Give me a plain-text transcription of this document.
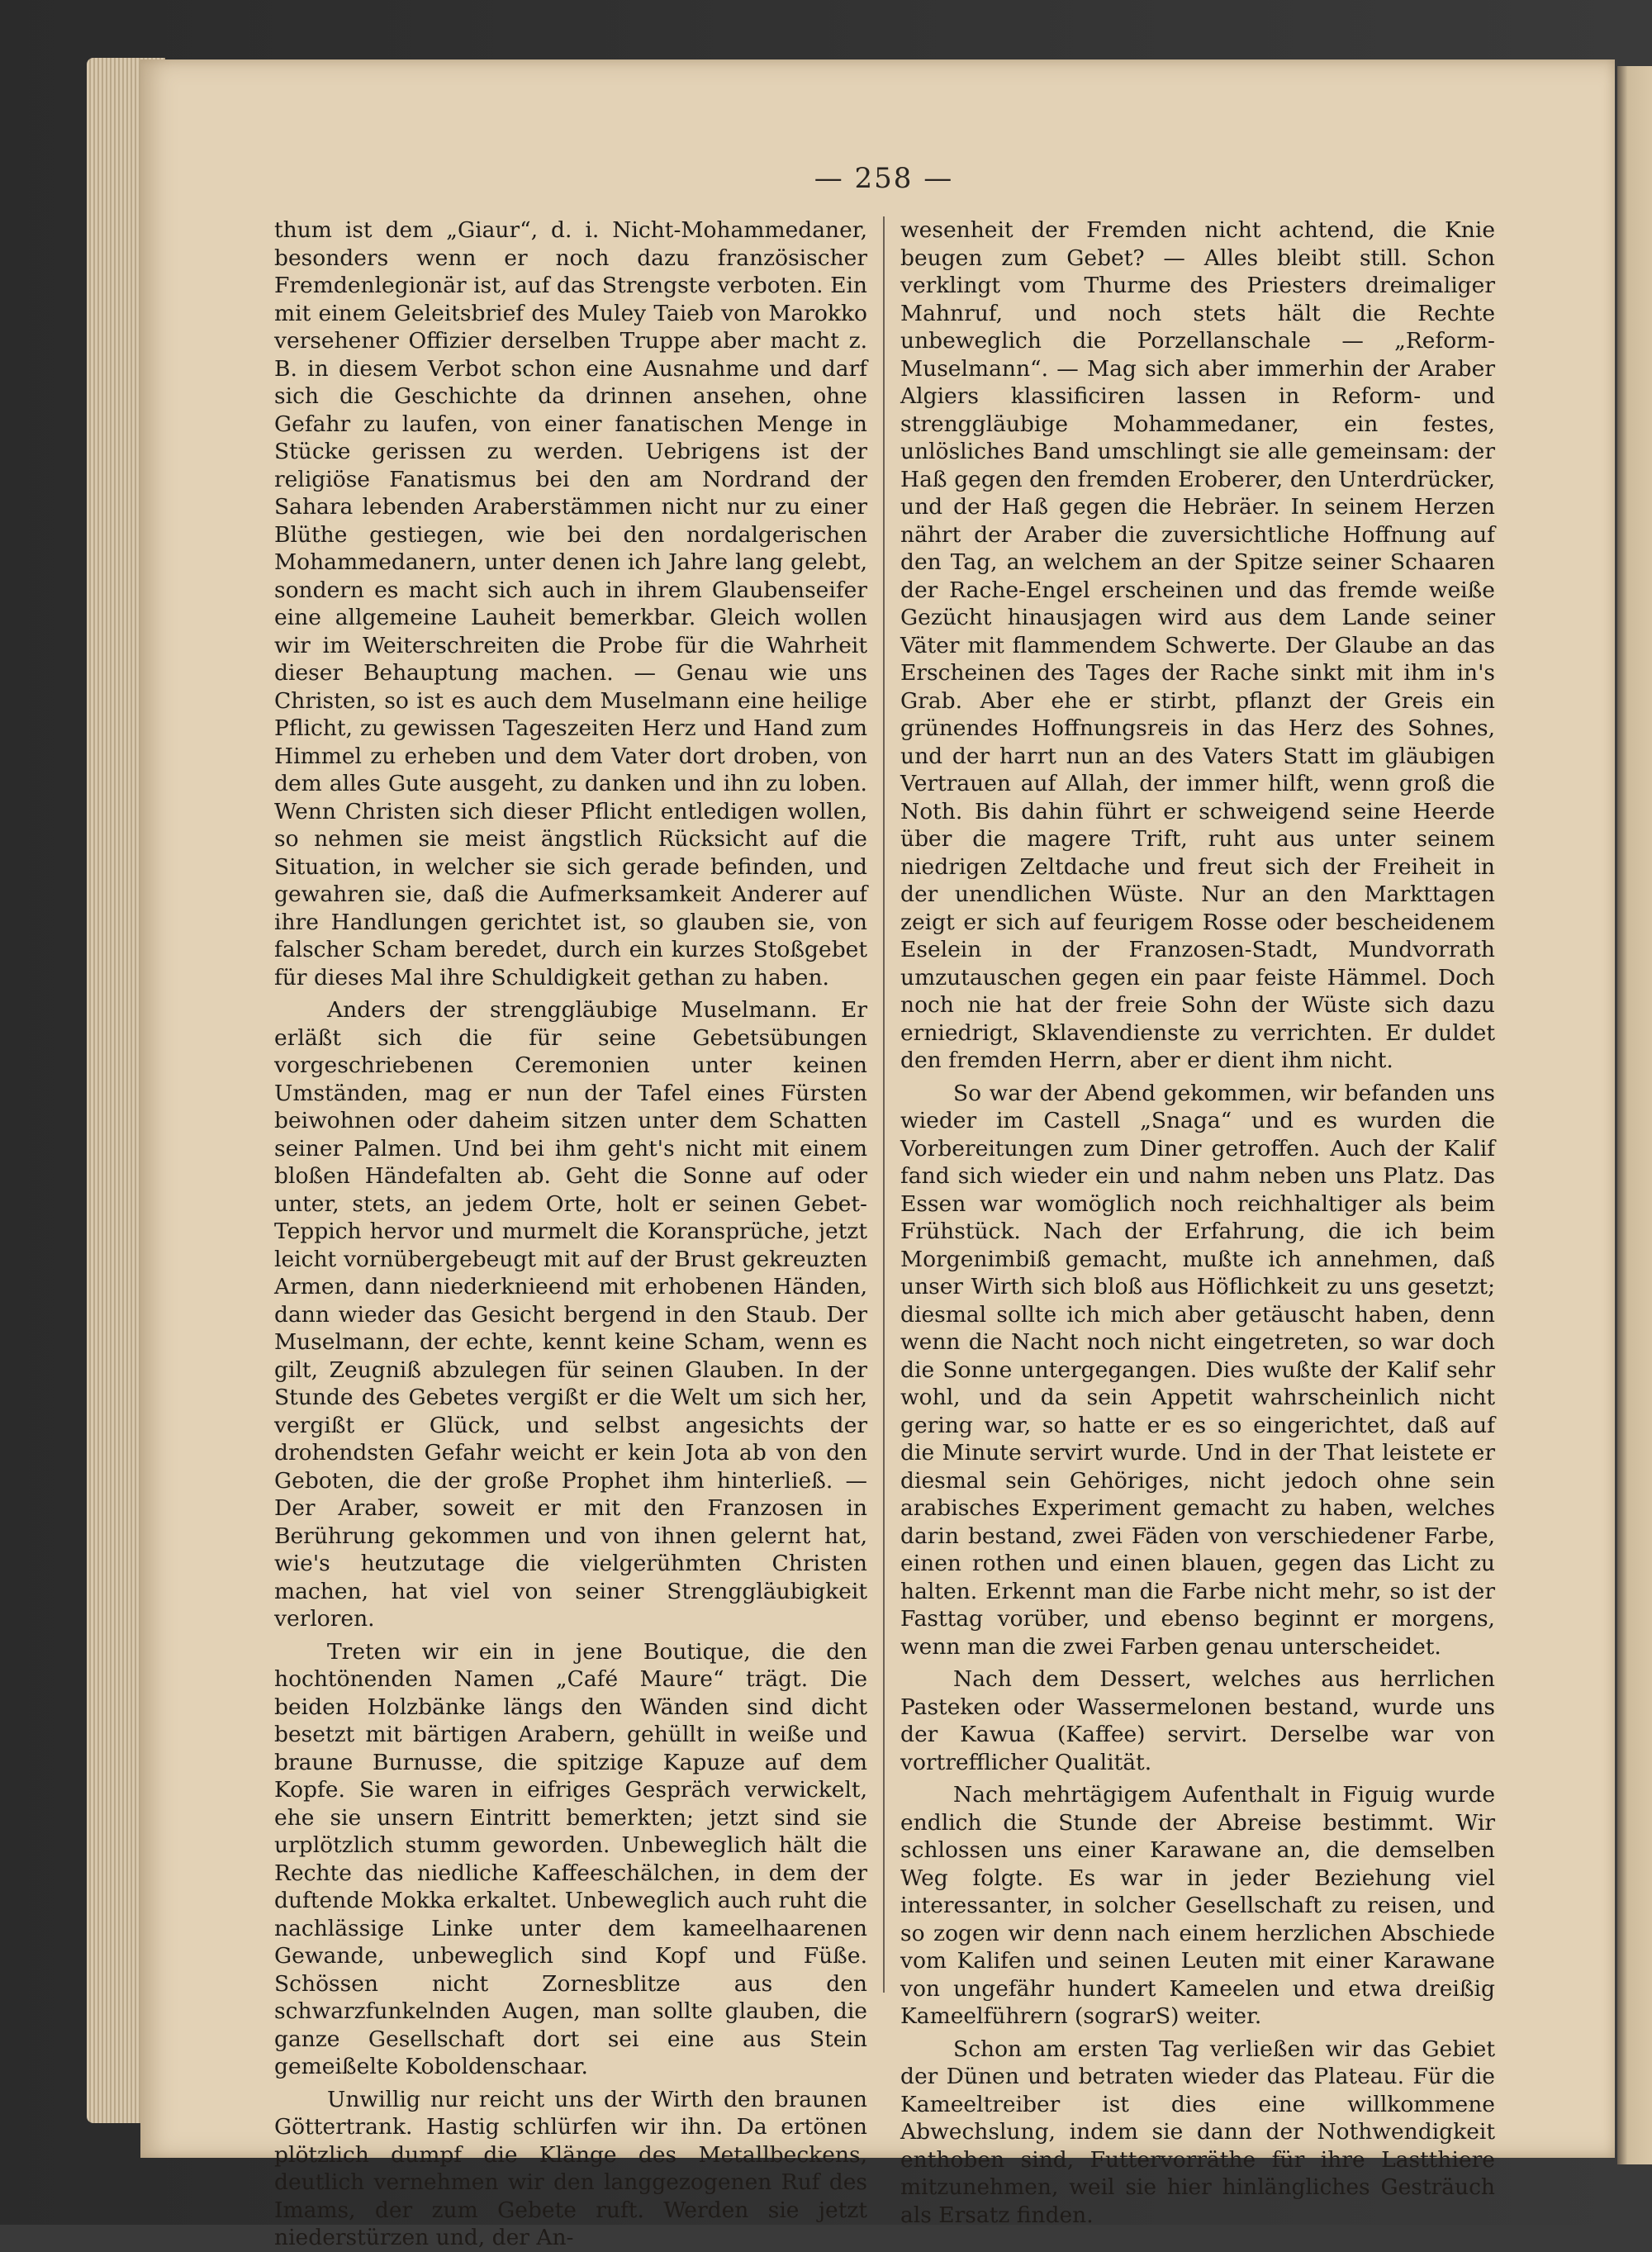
— 258 —

thum ist dem „Giaur“, d. i. Nicht-Mohammedaner, besonders wenn er noch dazu französischer Fremdenlegionär ist, auf das Strengste verboten. Ein mit einem Geleitsbrief des Muley Taieb von Marokko versehener Offizier derselben Truppe aber macht z. B. in diesem Verbot schon eine Ausnahme und darf sich die Geschichte da drinnen ansehen, ohne Gefahr zu laufen, von einer fanatischen Menge in Stücke gerissen zu werden. Uebrigens ist der religiöse Fanatismus bei den am Nordrand der Sahara lebenden Araberstämmen nicht nur zu einer Blüthe gestiegen, wie bei den nordalgerischen Mohammedanern, unter denen ich Jahre lang gelebt, sondern es macht sich auch in ihrem Glaubenseifer eine allgemeine Lauheit bemerkbar. Gleich wollen wir im Weiterschreiten die Probe für die Wahrheit dieser Behauptung machen. — Genau wie uns Christen, so ist es auch dem Muselmann eine heilige Pflicht, zu gewissen Tageszeiten Herz und Hand zum Himmel zu erheben und dem Vater dort droben, von dem alles Gute ausgeht, zu danken und ihn zu loben. Wenn Christen sich dieser Pflicht entledigen wollen, so nehmen sie meist ängstlich Rücksicht auf die Situation, in welcher sie sich gerade befinden, und gewahren sie, daß die Aufmerksamkeit Anderer auf ihre Handlungen gerichtet ist, so glauben sie, von falscher Scham beredet, durch ein kurzes Stoßgebet für dieses Mal ihre Schuldigkeit gethan zu haben.

Anders der strenggläubige Muselmann. Er erläßt sich die für seine Gebetsübungen vorgeschriebenen Ceremonien unter keinen Umständen, mag er nun der Tafel eines Fürsten beiwohnen oder daheim sitzen unter dem Schatten seiner Palmen. Und bei ihm geht's nicht mit einem bloßen Händefalten ab. Geht die Sonne auf oder unter, stets, an jedem Orte, holt er seinen Gebet-Teppich hervor und murmelt die Koransprüche, jetzt leicht vornübergebeugt mit auf der Brust gekreuzten Armen, dann niederknieend mit erhobenen Händen, dann wieder das Gesicht bergend in den Staub. Der Muselmann, der echte, kennt keine Scham, wenn es gilt, Zeugniß abzulegen für seinen Glauben. In der Stunde des Gebetes vergißt er die Welt um sich her, vergißt er Glück, und selbst angesichts der drohendsten Gefahr weicht er kein Jota ab von den Geboten, die der große Prophet ihm hinterließ. — Der Araber, soweit er mit den Franzosen in Berührung gekommen und von ihnen gelernt hat, wie's heutzutage die vielgerühmten Christen machen, hat viel von seiner Strenggläubigkeit verloren.

Treten wir ein in jene Boutique, die den hochtönenden Namen „Café Maure“ trägt. Die beiden Holzbänke längs den Wänden sind dicht besetzt mit bärtigen Arabern, gehüllt in weiße und braune Burnusse, die spitzige Kapuze auf dem Kopfe. Sie waren in eifriges Gespräch verwickelt, ehe sie unsern Eintritt bemerkten; jetzt sind sie urplötzlich stumm geworden. Unbeweglich hält die Rechte das niedliche Kaffeeschälchen, in dem der duftende Mokka erkaltet. Unbeweglich auch ruht die nachlässige Linke unter dem kameelhaarenen Gewande, unbeweglich sind Kopf und Füße. Schössen nicht Zornesblitze aus den schwarzfunkelnden Augen, man sollte glauben, die ganze Gesellschaft dort sei eine aus Stein gemeißelte Koboldenschaar.

Unwillig nur reicht uns der Wirth den braunen Göttertrank. Hastig schlürfen wir ihn. Da ertönen plötzlich dumpf die Klänge des Metallbeckens, deutlich vernehmen wir den langgezogenen Ruf des Imams, der zum Gebete ruft. Werden sie jetzt niederstürzen und, der An-

wesenheit der Fremden nicht achtend, die Knie beugen zum Gebet? — Alles bleibt still. Schon verklingt vom Thurme des Priesters dreimaliger Mahnruf, und noch stets hält die Rechte unbeweglich die Porzellanschale — „Reform-Muselmann“. — Mag sich aber immerhin der Araber Algiers klassificiren lassen in Reform- und strenggläubige Mohammedaner, ein festes, unlösliches Band umschlingt sie alle gemeinsam: der Haß gegen den fremden Eroberer, den Unterdrücker, und der Haß gegen die Hebräer. In seinem Herzen nährt der Araber die zuversichtliche Hoffnung auf den Tag, an welchem an der Spitze seiner Schaaren der Rache-Engel erscheinen und das fremde weiße Gezücht hinausjagen wird aus dem Lande seiner Väter mit flammendem Schwerte. Der Glaube an das Erscheinen des Tages der Rache sinkt mit ihm in's Grab. Aber ehe er stirbt, pflanzt der Greis ein grünendes Hoffnungsreis in das Herz des Sohnes, und der harrt nun an des Vaters Statt im gläubigen Vertrauen auf Allah, der immer hilft, wenn groß die Noth. Bis dahin führt er schweigend seine Heerde über die magere Trift, ruht aus unter seinem niedrigen Zeltdache und freut sich der Freiheit in der unendlichen Wüste. Nur an den Markttagen zeigt er sich auf feurigem Rosse oder bescheidenem Eselein in der Franzosen-Stadt, Mundvorrath umzutauschen gegen ein paar feiste Hämmel. Doch noch nie hat der freie Sohn der Wüste sich dazu erniedrigt, Sklavendienste zu verrichten. Er duldet den fremden Herrn, aber er dient ihm nicht.

So war der Abend gekommen, wir befanden uns wieder im Castell „Snaga“ und es wurden die Vorbereitungen zum Diner getroffen. Auch der Kalif fand sich wieder ein und nahm neben uns Platz. Das Essen war womöglich noch reichhaltiger als beim Frühstück. Nach der Erfahrung, die ich beim Morgenimbiß gemacht, mußte ich annehmen, daß unser Wirth sich bloß aus Höflichkeit zu uns gesetzt; diesmal sollte ich mich aber getäuscht haben, denn wenn die Nacht noch nicht eingetreten, so war doch die Sonne untergegangen. Dies wußte der Kalif sehr wohl, und da sein Appetit wahrscheinlich nicht gering war, so hatte er es so eingerichtet, daß auf die Minute servirt wurde. Und in der That leistete er diesmal sein Gehöriges, nicht jedoch ohne sein arabisches Experiment gemacht zu haben, welches darin bestand, zwei Fäden von verschiedener Farbe, einen rothen und einen blauen, gegen das Licht zu halten. Erkennt man die Farbe nicht mehr, so ist der Fasttag vorüber, und ebenso beginnt er morgens, wenn man die zwei Farben genau unterscheidet.

Nach dem Dessert, welches aus herrlichen Pasteken oder Wassermelonen bestand, wurde uns der Kawua (Kaffee) servirt. Derselbe war von vortrefflicher Qualität.

Nach mehrtägigem Aufenthalt in Figuig wurde endlich die Stunde der Abreise bestimmt. Wir schlossen uns einer Karawane an, die demselben Weg folgte. Es war in jeder Beziehung viel interessanter, in solcher Gesellschaft zu reisen, und so zogen wir denn nach einem herzlichen Abschiede vom Kalifen und seinen Leuten mit einer Karawane von ungefähr hundert Kameelen und etwa dreißig Kameelführern (sograrS) weiter.

Schon am ersten Tag verließen wir das Gebiet der Dünen und betraten wieder das Plateau. Für die Kameeltreiber ist dies eine willkommene Abwechslung, indem sie dann der Nothwendigkeit enthoben sind, Futtervorräthe für ihre Lastthiere mitzunehmen, weil sie hier hinlängliches Gesträuch als Ersatz finden.
